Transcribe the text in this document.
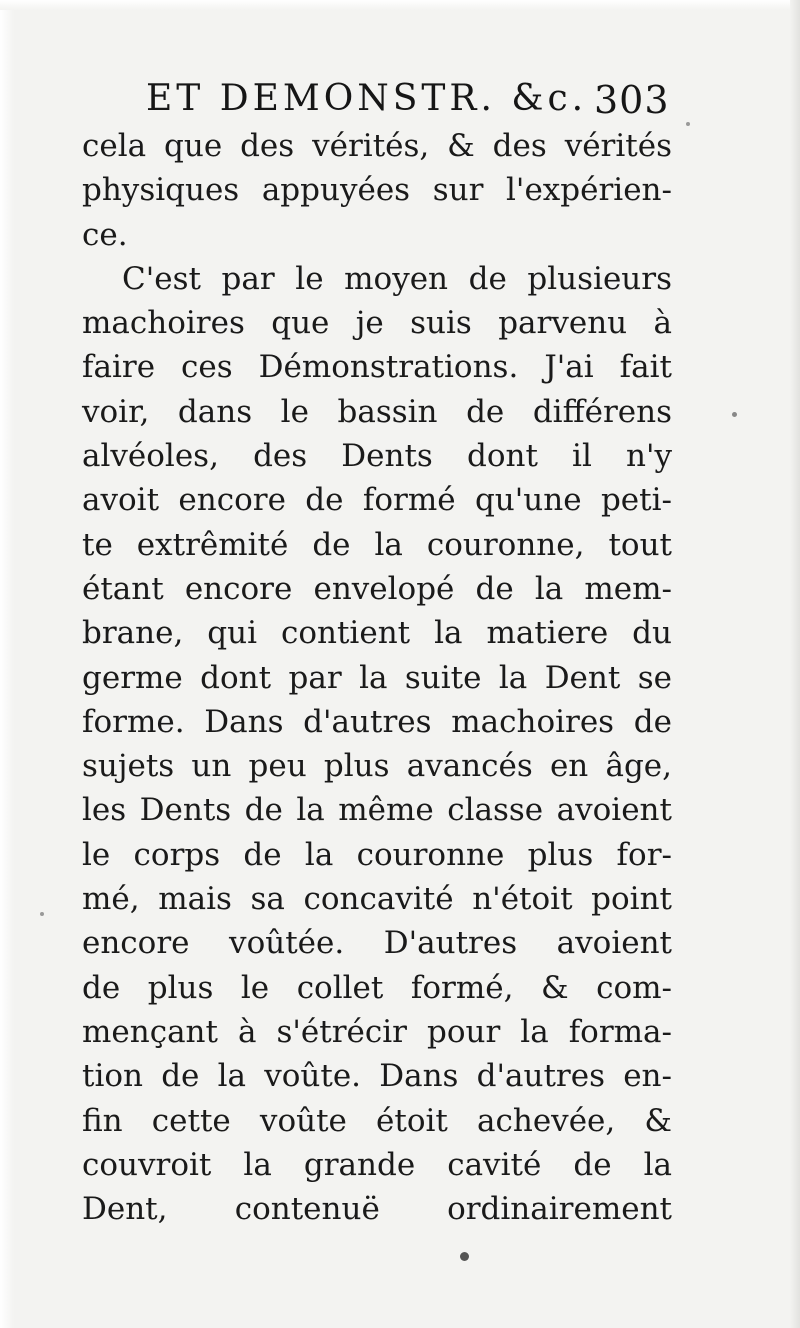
ET DEMONSTR. &c. 303
cela que des vérités, & des vérités
physiques appuyées sur l'expérien-
ce.
C'est par le moyen de plusieurs
machoires que je suis parvenu à
faire ces Démonstrations. J'ai fait
voir, dans le bassin de différens
alvéoles, des Dents dont il n'y
avoit encore de formé qu'une peti-
te extrêmité de la couronne, tout
étant encore envelopé de la mem-
brane, qui contient la matiere du
germe dont par la suite la Dent se
forme. Dans d'autres machoires de
sujets un peu plus avancés en âge,
les Dents de la même classe avoient
le corps de la couronne plus for-
mé, mais sa concavité n'étoit point
encore voûtée. D'autres avoient
de plus le collet formé, & com-
mençant à s'étrécir pour la forma-
tion de la voûte. Dans d'autres en-
fin cette voûte étoit achevée, &
couvroit la grande cavité de la
Dent, contenuë ordinairement
